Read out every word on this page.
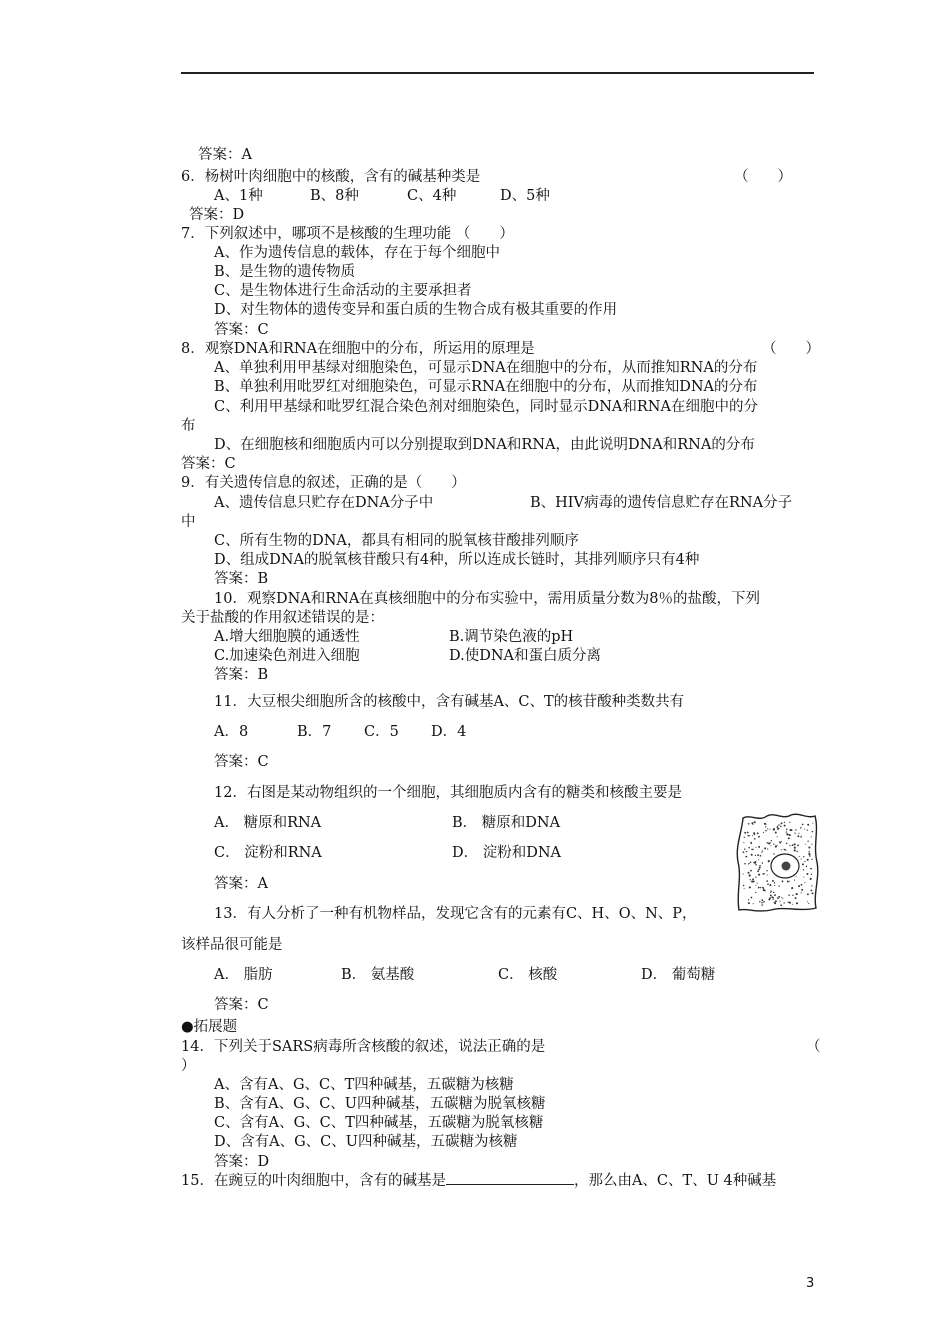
答案：A
6．杨树叶肉细胞中的核酸，含有的碱基种类是	（　　）
A、1种	B、8种	C、4种	D、5种
答案：D
7．下列叙述中，哪项不是核酸的生理功能 （　　）
A、作为遗传信息的载体，存在于每个细胞中
B、是生物的遗传物质
C、是生物体进行生命活动的主要承担者
D、对生物体的遗传变异和蛋白质的生物合成有极其重要的作用
答案：C
8．观察DNA和RNA在细胞中的分布，所运用的原理是	（　　）
A、单独利用甲基绿对细胞染色，可显示DNA在细胞中的分布，从而推知RNA的分布
B、单独利用吡罗红对细胞染色，可显示RNA在细胞中的分布，从而推知DNA的分布
C、利用甲基绿和吡罗红混合染色剂对细胞染色，同时显示DNA和RNA在细胞中的分
布
D、在细胞核和细胞质内可以分别提取到DNA和RNA，由此说明DNA和RNA的分布
答案：C
9．有关遗传信息的叙述，正确的是（　　）
A、遗传信息只贮存在DNA分子中	B、HIV病毒的遗传信息贮存在RNA分子
中
C、所有生物的DNA，都具有相同的脱氧核苷酸排列顺序
D、组成DNA的脱氧核苷酸只有4种，所以连成长链时，其排列顺序只有4种
答案：B
10．观察DNA和RNA在真核细胞中的分布实验中，需用质量分数为8％的盐酸，下列
关于盐酸的作用叙述错误的是：
A.增大细胞膜的通透性	B.调节染色液的pH
C.加速染色剂进入细胞	D.使DNA和蛋白质分离
答案：B
11．大豆根尖细胞所含的核酸中，含有碱基A、C、T的核苷酸种类数共有
A．8	B．7 C．5 D．4
答案：C
12．右图是某动物组织的一个细胞，其细胞质内含有的糖类和核酸主要是
A． 糖原和RNA	B． 糖原和DNA
C． 淀粉和RNA	D． 淀粉和DNA
答案：A
13．有人分析了一种有机物样品，发现它含有的元素有C、H、O、N、P，
该样品很可能是
A． 脂肪	B． 氨基酸	C． 核酸	D． 葡萄糖
答案：C
●拓展题
14．下列关于SARS病毒所含核酸的叙述，说法正确的是	（
）
A、含有A、G、C、T四种碱基，五碳糖为核糖
B、含有A、G、C、U四种碱基，五碳糖为脱氧核糖
C、含有A、G、C、T四种碱基，五碳糖为脱氧核糖
D、含有A、G、C、U四种碱基，五碳糖为核糖
答案：D
15．在豌豆的叶肉细胞中，含有的碱基是	，那么由A、C、T、U 4种碱基
3
